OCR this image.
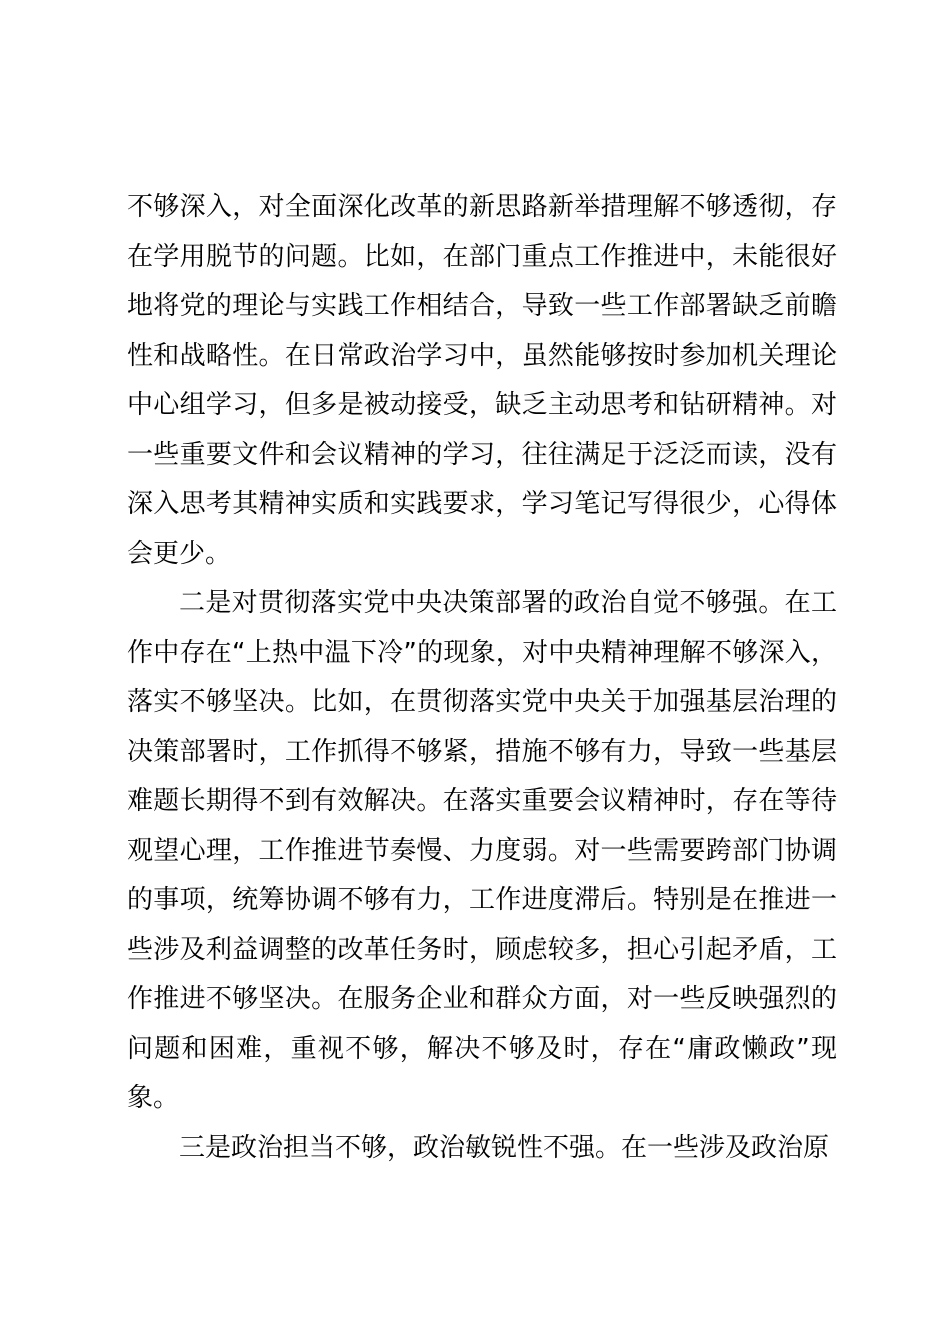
不够深入，对全面深化改革的新思路新举措理解不够透彻，存
在学用脱节的问题。比如，在部门重点工作推进中，未能很好
地将党的理论与实践工作相结合，导致一些工作部署缺乏前瞻
性和战略性。在日常政治学习中，虽然能够按时参加机关理论
中心组学习，但多是被动接受，缺乏主动思考和钻研精神。对
一些重要文件和会议精神的学习，往往满足于泛泛而读，没有
深入思考其精神实质和实践要求，学习笔记写得很少，心得体
会更少。
二是对贯彻落实党中央决策部署的政治自觉不够强。在工
作中存在“上热中温下冷”的现象，对中央精神理解不够深入，
落实不够坚决。比如，在贯彻落实党中央关于加强基层治理的
决策部署时，工作抓得不够紧，措施不够有力，导致一些基层
难题长期得不到有效解决。在落实重要会议精神时，存在等待
观望心理，工作推进节奏慢、力度弱。对一些需要跨部门协调
的事项，统筹协调不够有力，工作进度滞后。特别是在推进一
些涉及利益调整的改革任务时，顾虑较多，担心引起矛盾，工
作推进不够坚决。在服务企业和群众方面，对一些反映强烈的
问题和困难，重视不够，解决不够及时，存在“庸政懒政”现
象。
三是政治担当不够，政治敏锐性不强。在一些涉及政治原
